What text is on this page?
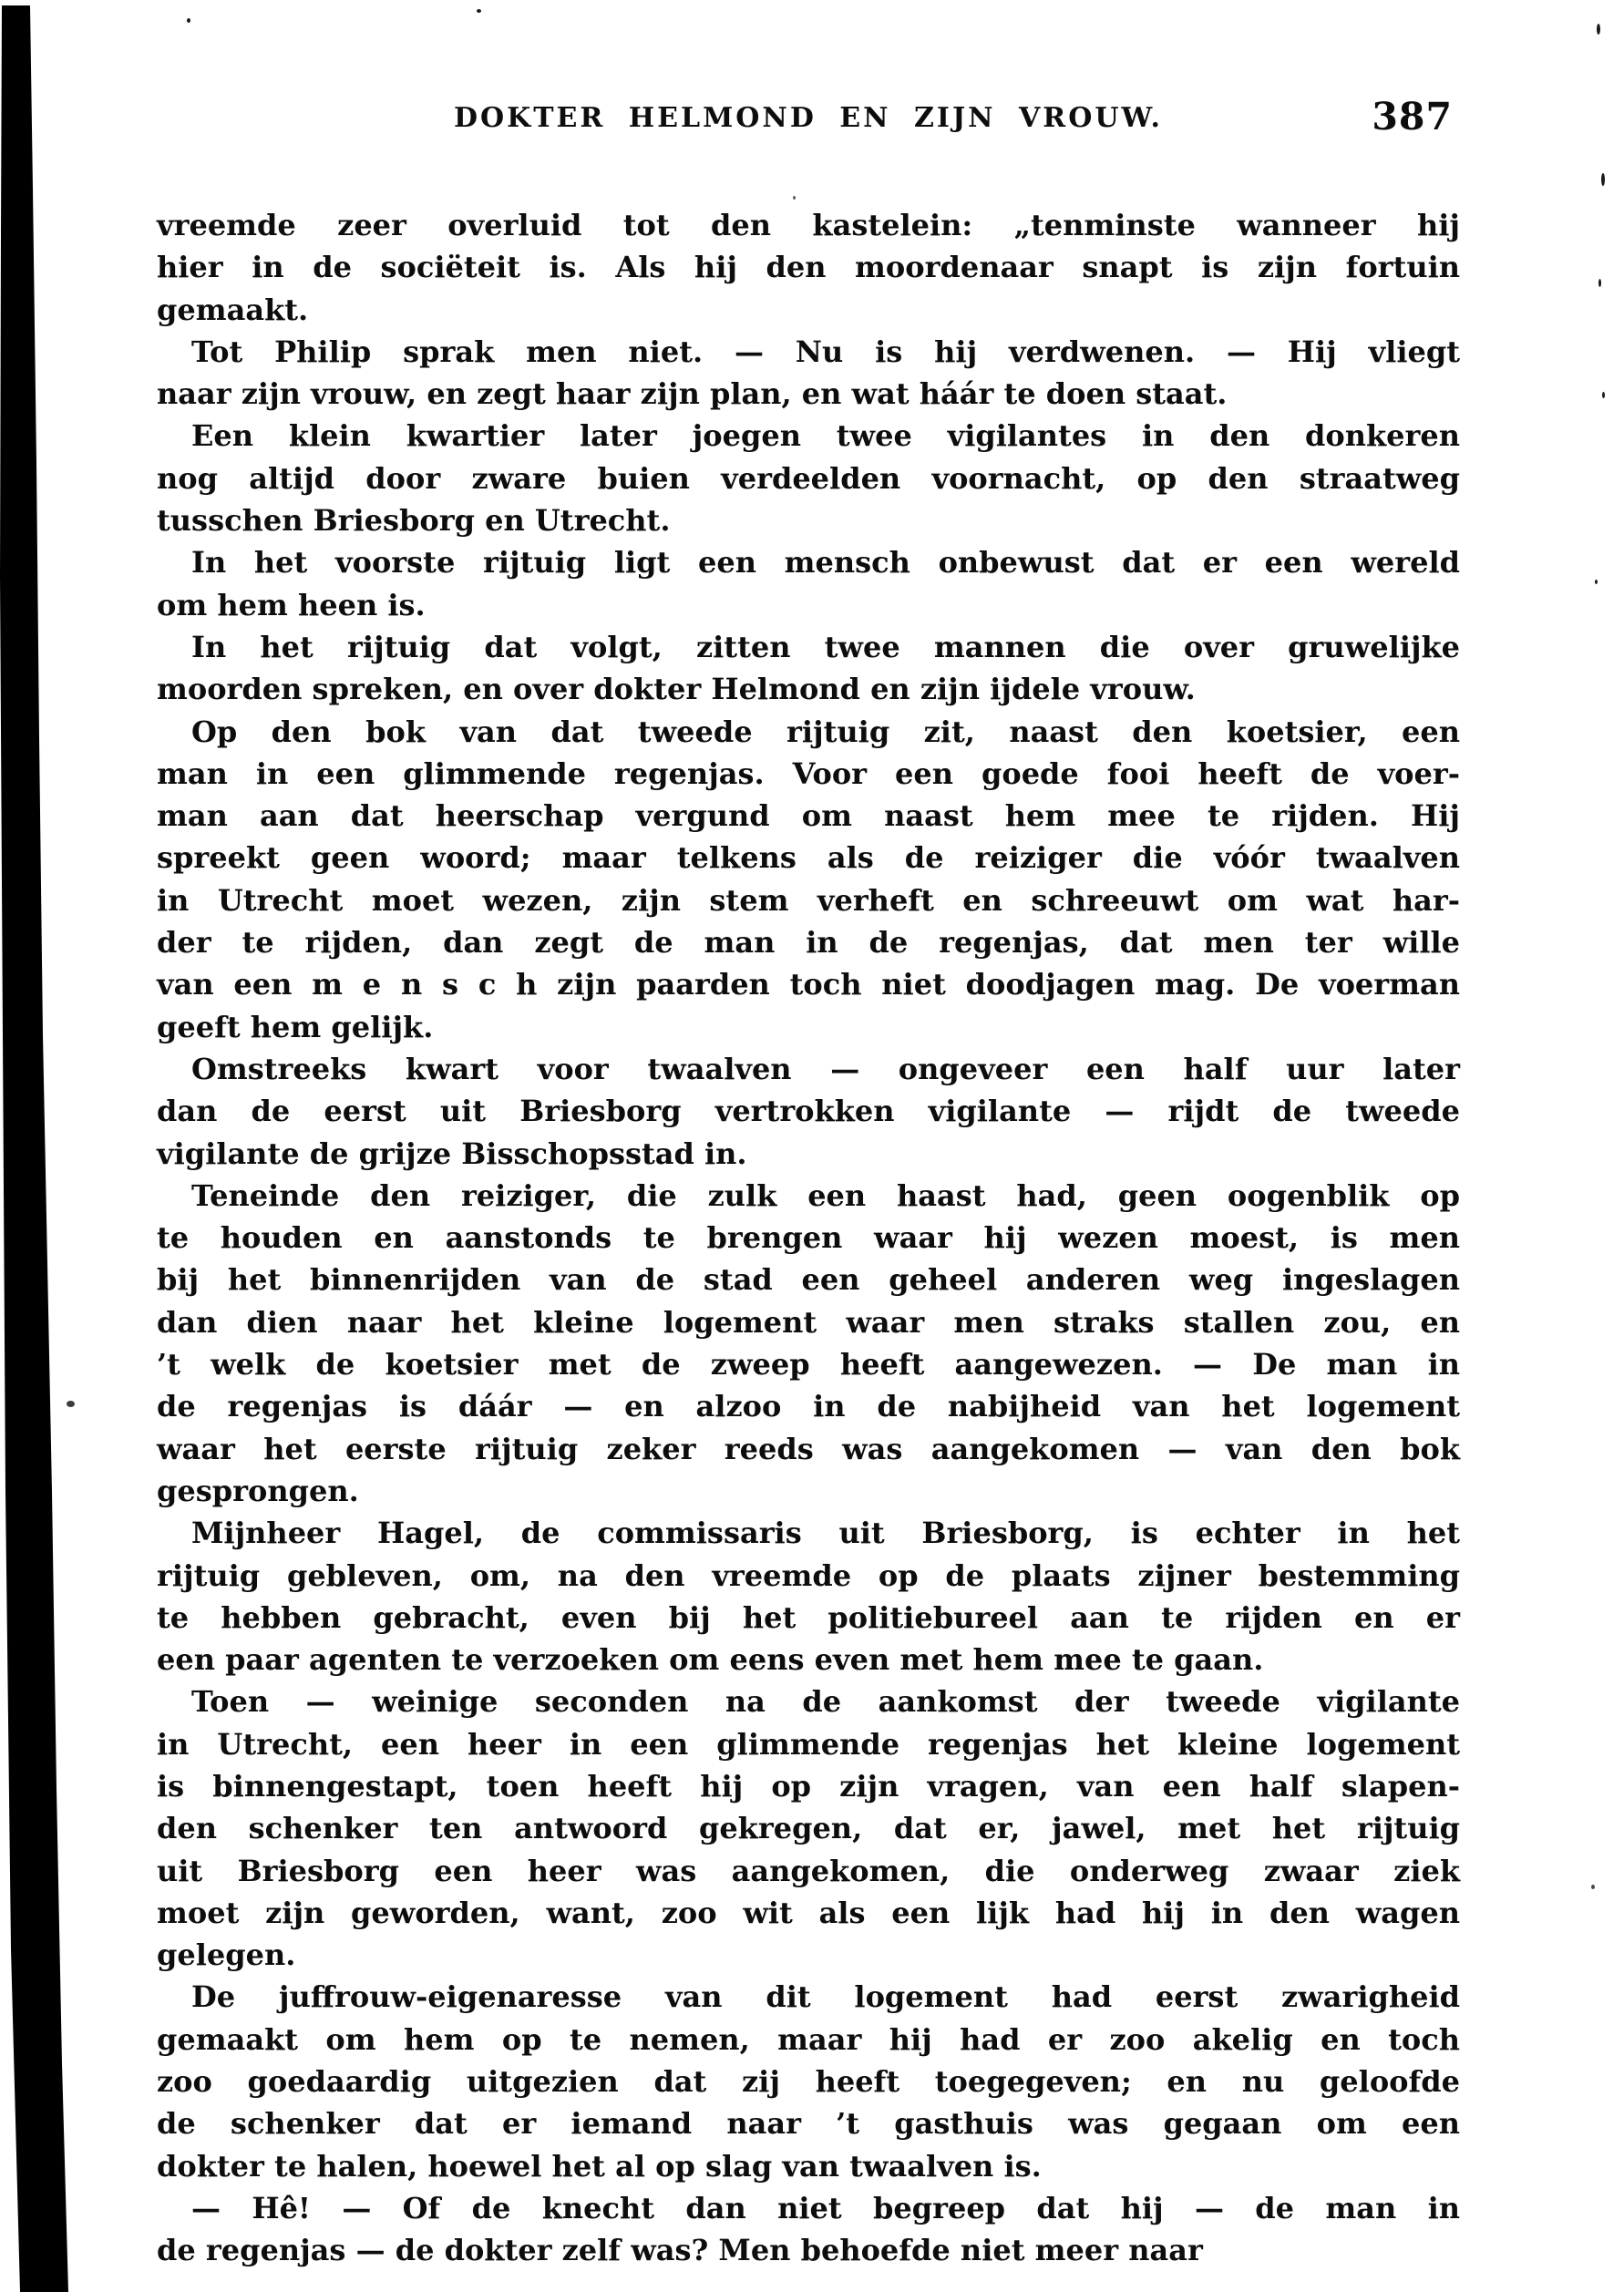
DOKTER HELMOND EN ZIJN VROUW.	387
vreemde zeer overluid tot den kastelein: „tenminste wanneer hij
hier in de sociëteit is. Als hij den moordenaar snapt is zijn fortuin
gemaakt.
Tot Philip sprak men niet. — Nu is hij verdwenen. — Hij vliegt
naar zijn vrouw, en zegt haar zijn plan, en wat háár te doen staat.
Een klein kwartier later joegen twee vigilantes in den donkeren
nog altijd door zware buien verdeelden voornacht, op den straatweg
tusschen Briesborg en Utrecht.
In het voorste rijtuig ligt een mensch onbewust dat er een wereld
om hem heen is.
In het rijtuig dat volgt, zitten twee mannen die over gruwelijke
moorden spreken, en over dokter Helmond en zijn ijdele vrouw.
Op den bok van dat tweede rijtuig zit, naast den koetsier, een
man in een glimmende regenjas. Voor een goede fooi heeft de voer-
man aan dat heerschap vergund om naast hem mee te rijden. Hij
spreekt geen woord; maar telkens als de reiziger die vóór twaalven
in Utrecht moet wezen, zijn stem verheft en schreeuwt om wat har-
der te rijden, dan zegt de man in de regenjas, dat men ter wille
van een m e n s c h zijn paarden toch niet doodjagen mag. De voerman
geeft hem gelijk.
Omstreeks kwart voor twaalven — ongeveer een half uur later
dan de eerst uit Briesborg vertrokken vigilante — rijdt de tweede
vigilante de grijze Bisschopsstad in.
Teneinde den reiziger, die zulk een haast had, geen oogenblik op
te houden en aanstonds te brengen waar hij wezen moest, is men
bij het binnenrijden van de stad een geheel anderen weg ingeslagen
dan dien naar het kleine logement waar men straks stallen zou, en
’t welk de koetsier met de zweep heeft aangewezen. — De man in
de regenjas is dáár — en alzoo in de nabijheid van het logement
waar het eerste rijtuig zeker reeds was aangekomen — van den bok
gesprongen.
Mijnheer Hagel, de commissaris uit Briesborg, is echter in het
rijtuig gebleven, om, na den vreemde op de plaats zijner bestemming
te hebben gebracht, even bij het politiebureel aan te rijden en er
een paar agenten te verzoeken om eens even met hem mee te gaan.
Toen — weinige seconden na de aankomst der tweede vigilante
in Utrecht, een heer in een glimmende regenjas het kleine logement
is binnengestapt, toen heeft hij op zijn vragen, van een half slapen-
den schenker ten antwoord gekregen, dat er, jawel, met het rijtuig
uit Briesborg een heer was aangekomen, die onderweg zwaar ziek
moet zijn geworden, want, zoo wit als een lijk had hij in den wagen
gelegen.
De juffrouw-eigenaresse van dit logement had eerst zwarigheid
gemaakt om hem op te nemen, maar hij had er zoo akelig en toch
zoo goedaardig uitgezien dat zij heeft toegegeven; en nu geloofde
de schenker dat er iemand naar ’t gasthuis was gegaan om een
dokter te halen, hoewel het al op slag van twaalven is.
— Hê! — Of de knecht dan niet begreep dat hij — de man in
de regenjas — de dokter zelf was? Men behoefde niet meer naar
